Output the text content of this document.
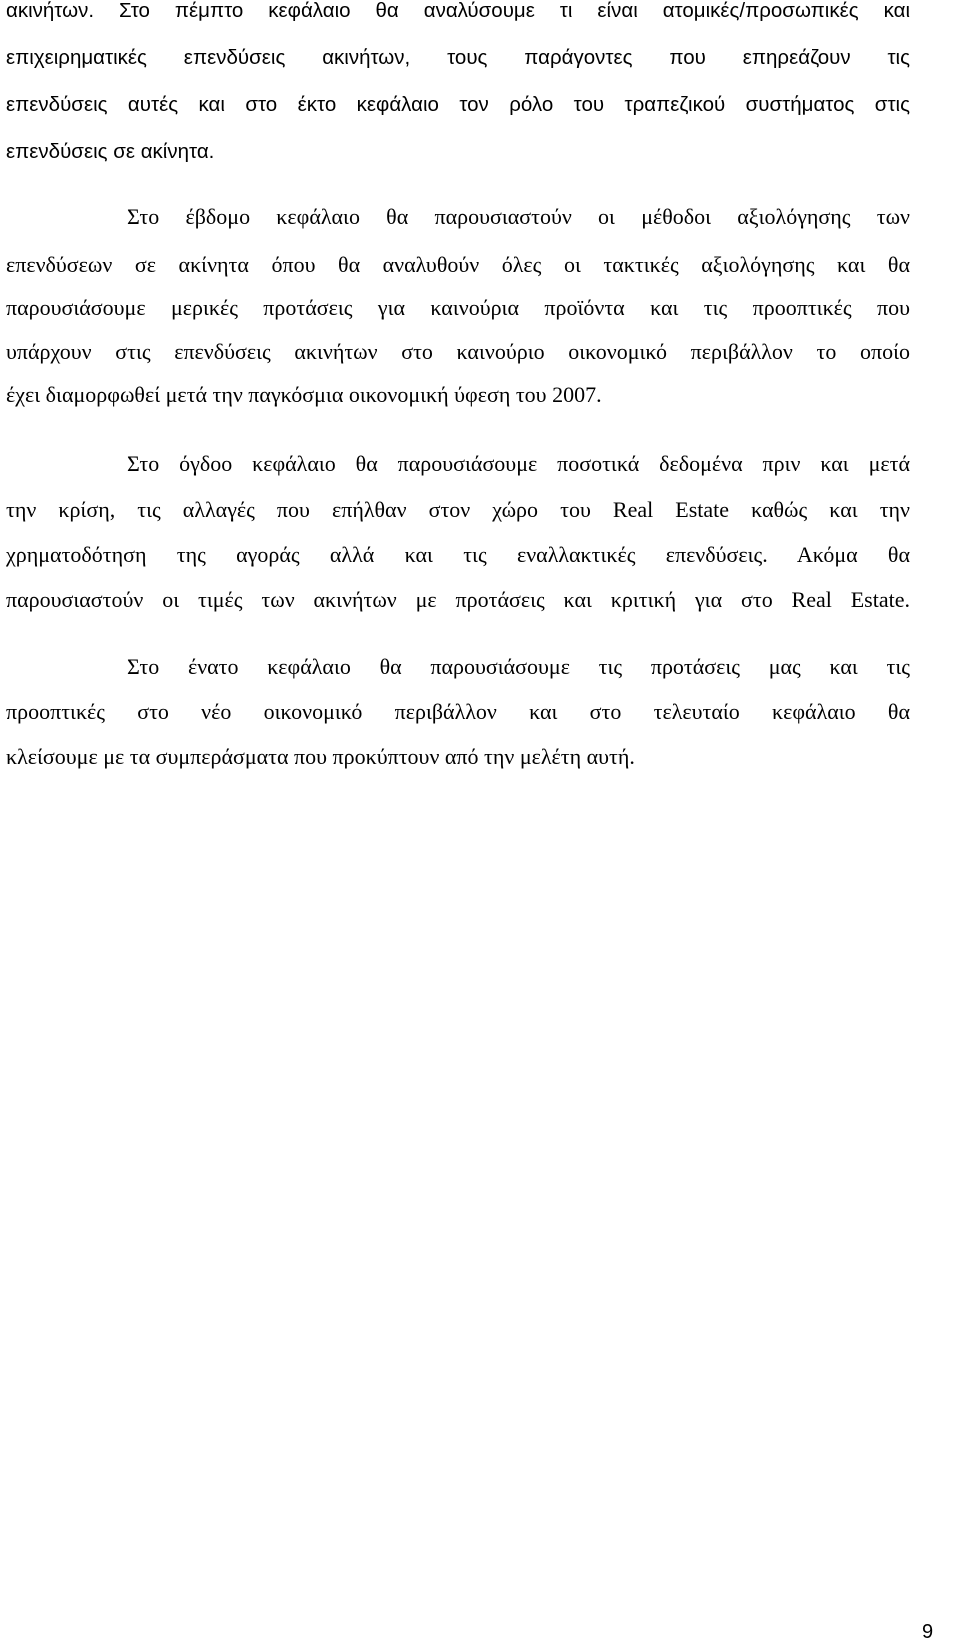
ακινήτων. Στο πέμπτο κεφάλαιο θα αναλύσουμε τι είναι ατομικές/προσωπικές και
επιχειρηματικές επενδύσεις ακινήτων, τους παράγοντες που επηρεάζουν τις
επενδύσεις αυτές και στο έκτο κεφάλαιο τον ρόλο του τραπεζικού συστήματος στις
επενδύσεις σε ακίνητα.
Στο έβδομο κεφάλαιο θα παρουσιαστούν οι μέθοδοι αξιολόγησης των
επενδύσεων σε ακίνητα όπου θα αναλυθούν όλες οι τακτικές αξιολόγησης και θα
παρουσιάσουμε μερικές προτάσεις για καινούρια προϊόντα και τις προοπτικές που
υπάρχουν στις επενδύσεις ακινήτων στο καινούριο οικονομικό περιβάλλον το οποίο
έχει διαμορφωθεί μετά την παγκόσμια οικονομική ύφεση του 2007.
Στο όγδοο κεφάλαιο θα παρουσιάσουμε ποσοτικά δεδομένα πριν και μετά
την κρίση, τις αλλαγές που επήλθαν στον χώρο του Real Estate καθώς και την
χρηματοδότηση της αγοράς αλλά και τις εναλλακτικές επενδύσεις. Ακόμα θα
παρουσιαστούν οι τιμές των ακινήτων με προτάσεις και κριτική για στο Real Estate.
Στο ένατο κεφάλαιο θα παρουσιάσουμε τις προτάσεις μας και τις
προοπτικές στο νέο οικονομικό περιβάλλον και στο τελευταίο κεφάλαιο θα
κλείσουμε με τα συμπεράσματα που προκύπτουν από την μελέτη αυτή.
9
